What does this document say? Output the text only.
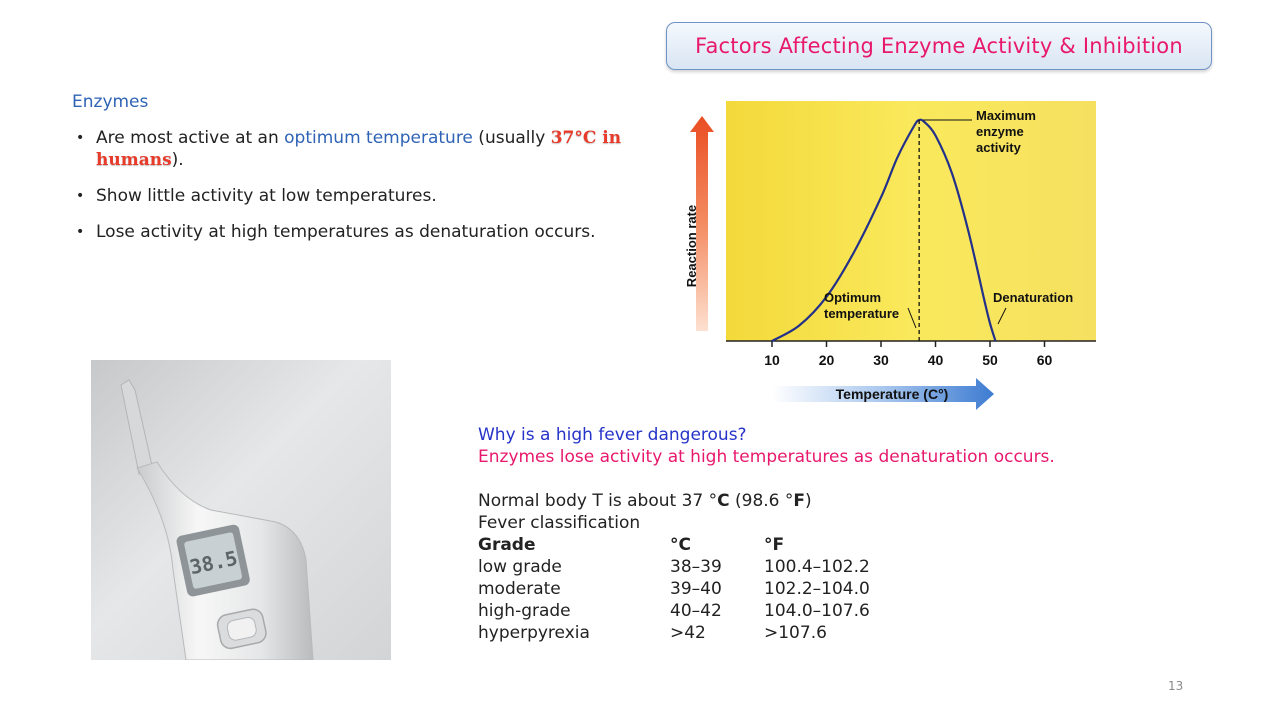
Factors Affecting Enzyme Activity & Inhibition
Enzymes
• Are most active at an optimum temperature (usually 37°C in humans).
• Show little activity at low temperatures.
• Lose activity at high temperatures as denaturation occurs.	Reaction rate
Temperature (C°)
10	20	30	40	50	60
Maximum enzyme activity
Optimum temperature
Denaturation
38.5
Why is a high fever dangerous?
Enzymes lose activity at high temperatures as denaturation occurs.
Normal body T is about 37 °C (98.6 °F)
Fever classification
Grade	°C	°F
low grade	38–39	100.4–102.2
moderate	39–40	102.2–104.0
high-grade	40–42	104.0–107.6
hyperpyrexia	>42	>107.6
13
